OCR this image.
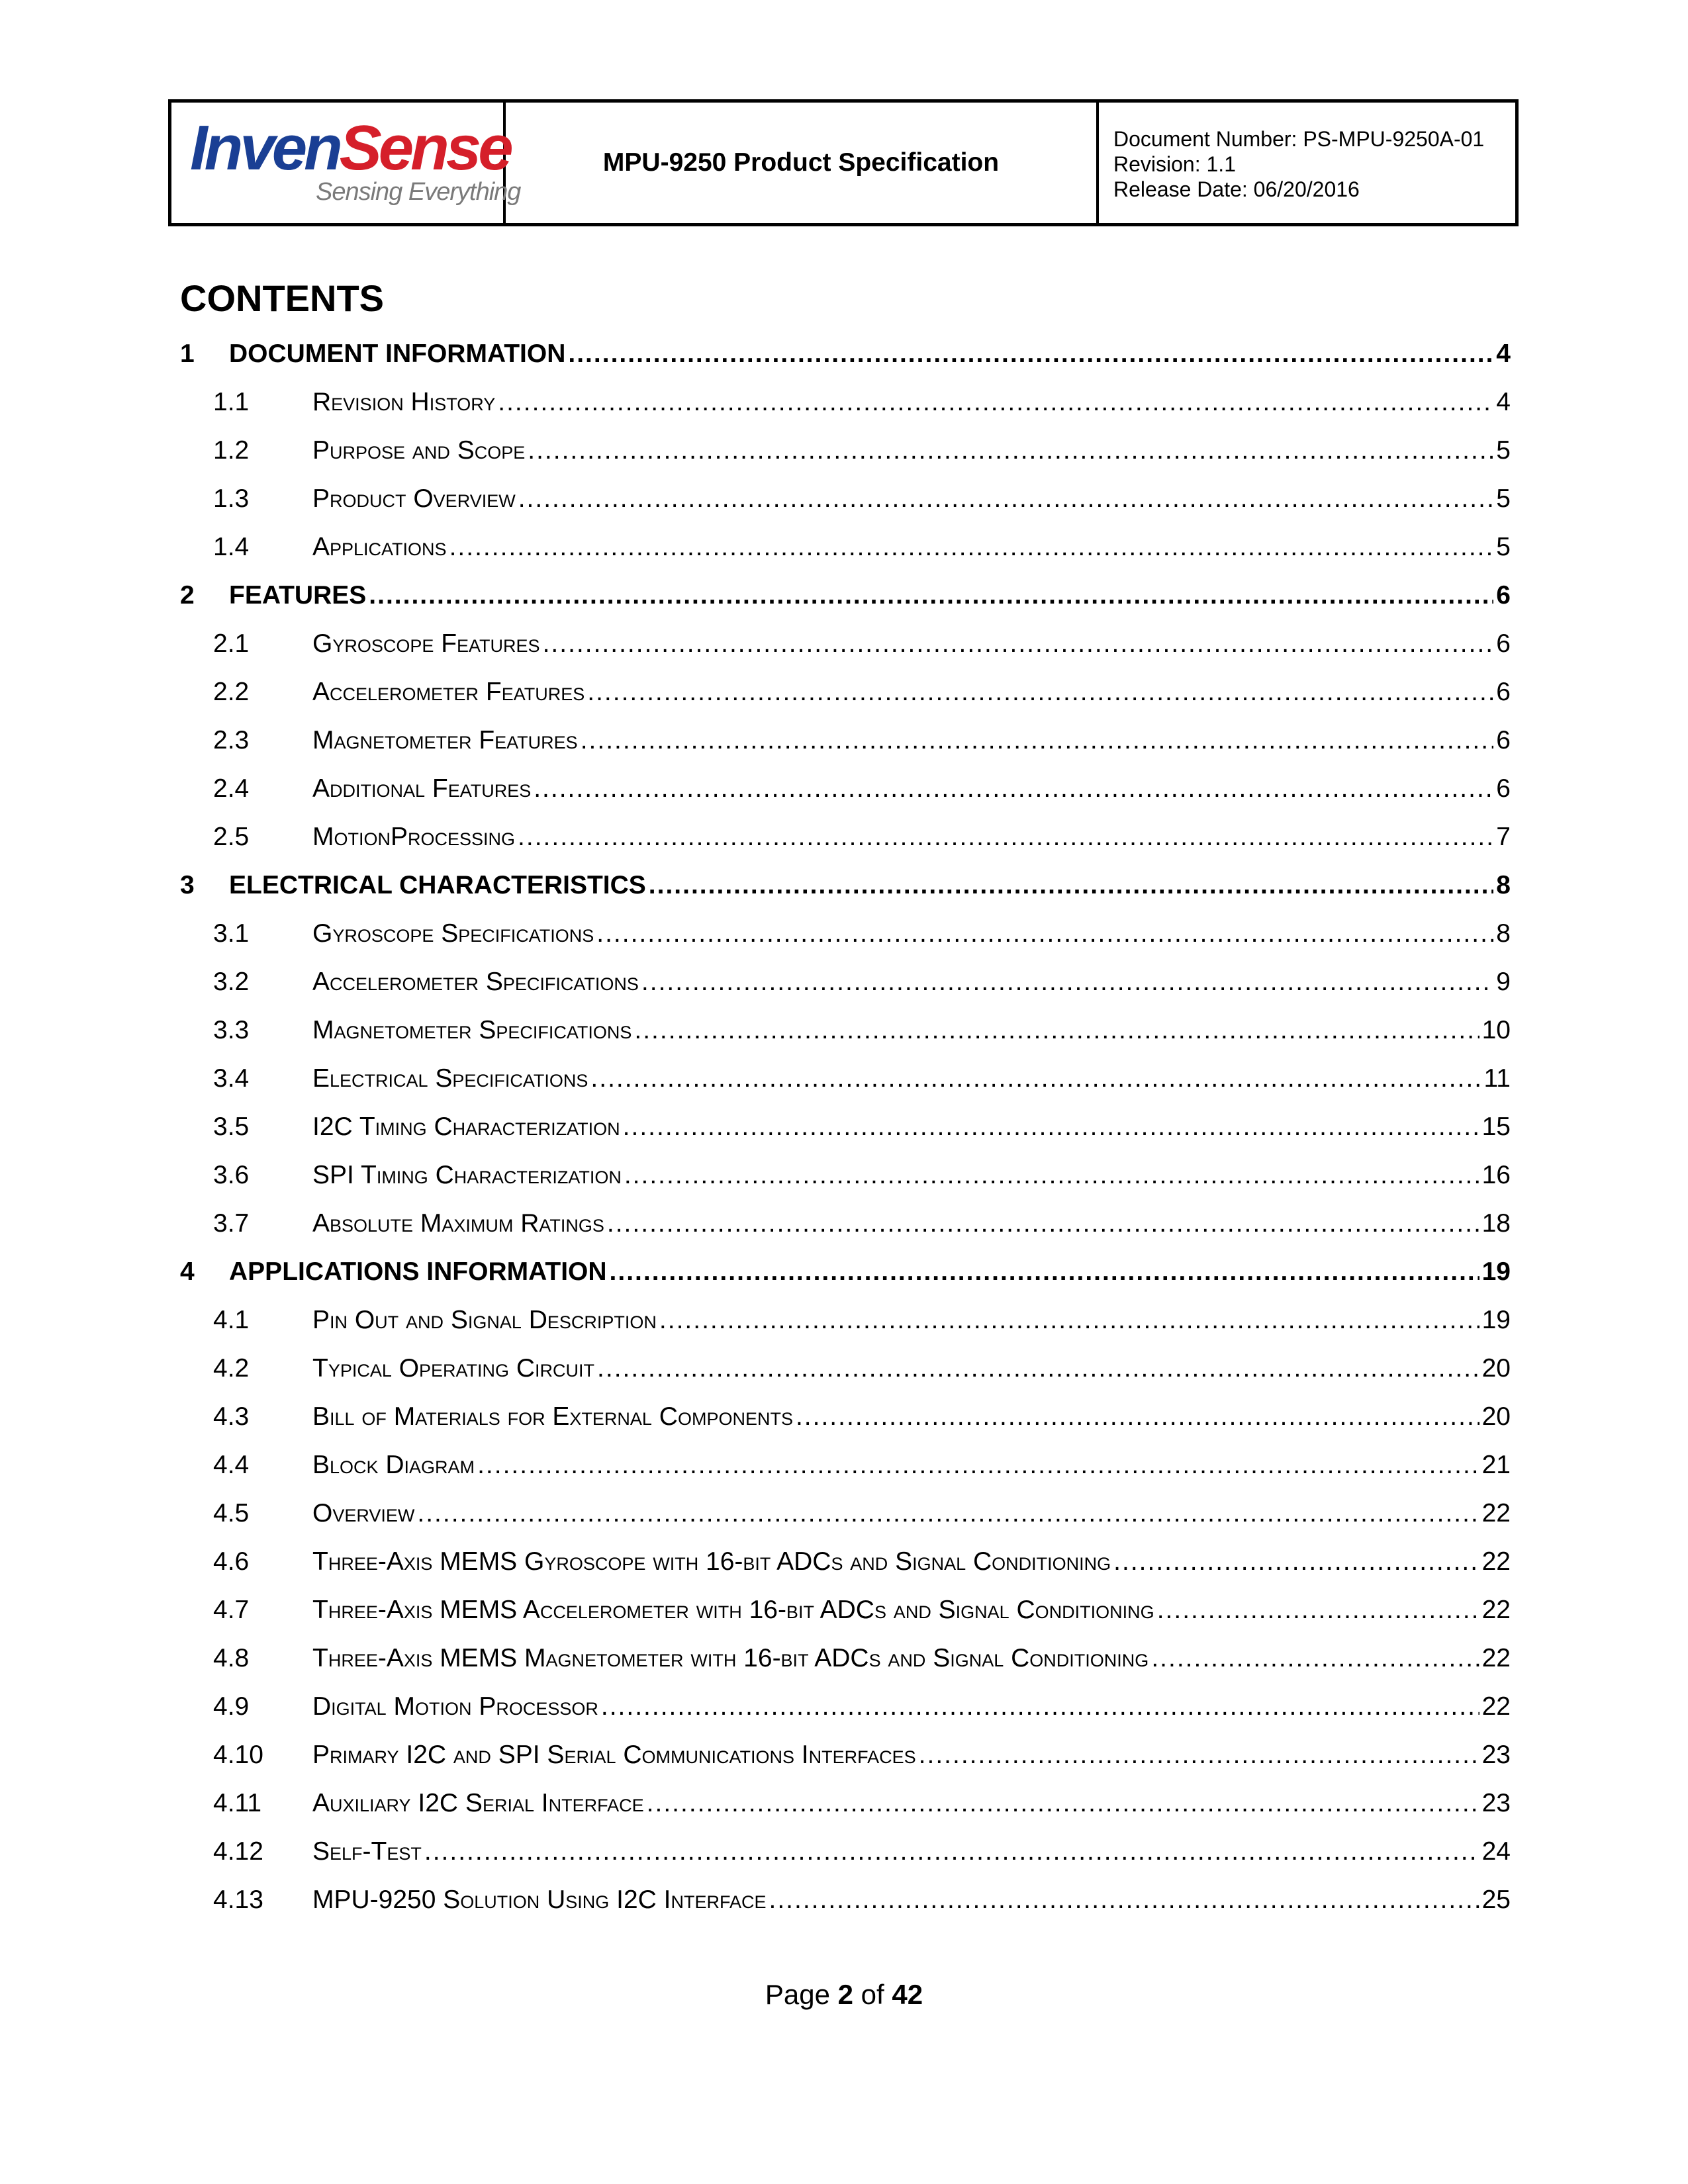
InvenSense
Sensing Everything
MPU-9250 Product Specification
Document Number: PS-MPU-9250A-01
Revision: 1.1
Release Date: 06/20/2016
CONTENTS
1	DOCUMENT INFORMATION .....	4
1.1	Revision History .....	4
1.2	Purpose and Scope .....	5
1.3	Product Overview .....	5
1.4	Applications .....	5
2	FEATURES .....	6
2.1	Gyroscope Features .....	6
2.2	Accelerometer Features .....	6
2.3	Magnetometer Features .....	6
2.4	Additional Features .....	6
2.5	MotionProcessing .....	7
3	ELECTRICAL CHARACTERISTICS .....	8
3.1	Gyroscope Specifications .....	8
3.2	Accelerometer Specifications .....	9
3.3	Magnetometer Specifications .....	10
3.4	Electrical Specifications .....	11
3.5	I2C Timing Characterization .....	15
3.6	SPI Timing Characterization .....	16
3.7	Absolute Maximum Ratings .....	18
4	APPLICATIONS INFORMATION .....	19
4.1	Pin Out and Signal Description .....	19
4.2	Typical Operating Circuit .....	20
4.3	Bill of Materials for External Components .....	20
4.4	Block Diagram .....	21
4.5	Overview .....	22
4.6	Three-Axis MEMS Gyroscope with 16-bit ADCs and Signal Conditioning .....	22
4.7	Three-Axis MEMS Accelerometer with 16-bit ADCs and Signal Conditioning .....	22
4.8	Three-Axis MEMS Magnetometer with 16-bit ADCs and Signal Conditioning .....	22
4.9	Digital Motion Processor .....	22
4.10	Primary I2C and SPI Serial Communications Interfaces .....	23
4.11	Auxiliary I2C Serial Interface .....	23
4.12	Self-Test .....	24
4.13	MPU-9250 Solution Using I2C Interface .....	25
Page 2 of 42
